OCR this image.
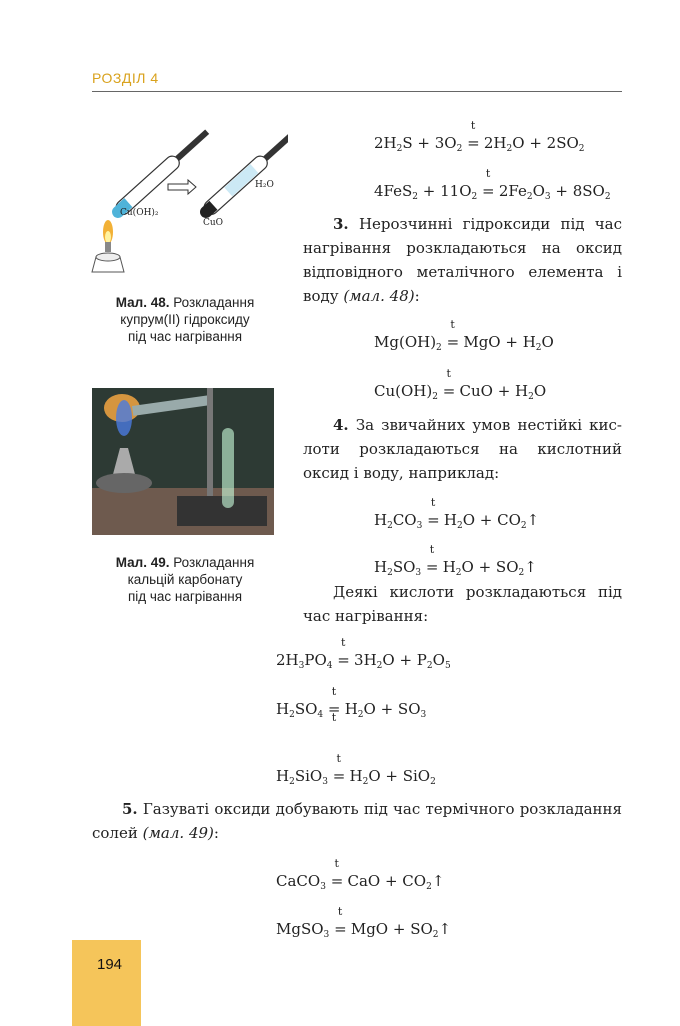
РОЗДІЛ 4
Cu(OH)₂
H₂O
CuO
Мал. 48. Розкладання
купрум(II) гідроксиду
під час нагрівання
Мал. 49. Розкладання
кальцій карбонату
під час нагрівання
$2H_2S + 3O_2$ $t = 2H_2O + 2SO_2$
$4FeS_2 + 11O_2$ $t = 2Fe_2O_3 + 8SO_2$
3. Нерозчинні гідроксиди під час нагрівання розкладаються на оксид відповідного металічного елемента і воду (мал. 48):
$Mg(OH)_2$ t = MgO + $H_2O$
$Cu(OH)_2$ t = CuO + $H_2O$
4. За звичайних умов нестійкі кислоти розкладаються на кислотний оксид і воду, наприклад:
$H_2CO_3$ $t = H_2O$ + $CO_2↑$
$H_2SO_3$ $t = H_2O$ + $SO_2↑$
Деякі кислоти розкладаються під час нагрівання:
$2H_3PO_4$ $t = 3H_2O + P_2O_5$
$H_2SO_4$ t = t $H_2O + SO_3$
$H_2SiO_3$ $t = H_2O + SiO_2$
5. Газуваті оксиди добувають під час термічного розкладання солей (мал. 49):
CaCO$_3$ t = CaO + $CO_2↑$
MgSO$_3$ t = MgO + $SO_2↑$
194
